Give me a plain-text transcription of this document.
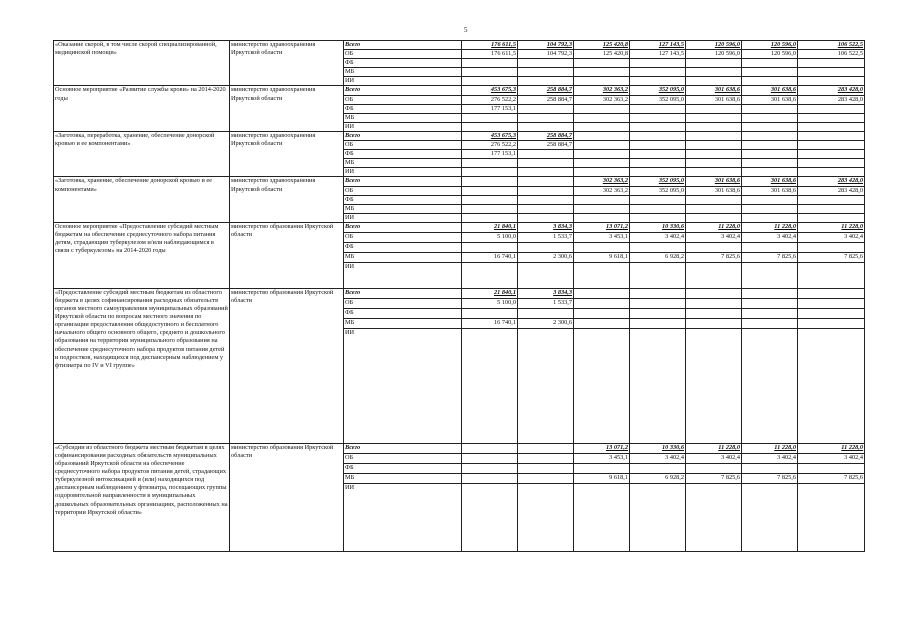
5
«Оказание скорой, в том числе скорой специализированной, медицинской помощи»	министерство здравоохранения Иркутской области	Всего	176 611,5	104 792,3	125 420,8	127 143,5	120 596,0	120 596,0	106 522,5
		ОБ	176 611,5	104 792,3	125 420,8	127 143,5	120 596,0	120 596,0	106 522,5
		ФБ							
		МБ							
		ИИ							
Основное мероприятие «Развитие службы крови» на 2014-2020 годы	министерство здравоохранения Иркутской области	Всего	453 675,3	258 884,7	302 363,2	352 095,0	301 638,6	301 638,6	283 428,0
		ОБ	276 522,2	258 884,7	302 363,2	352 095,0	301 638,6	301 638,6	283 428,0
		ФБ	177 153,1						
		МБ							
		ИИ							
«Заготовка, переработка, хранение, обеспечение донорской кровью и ее компонентами»	министерство здравоохранения Иркутской области	Всего	453 675,3	258 884,7					
		ОБ	276 522,2	258 884,7					
		ФБ	177 153,1						
		МБ							
		ИИ							
«Заготовка, хранение, обеспечение донорской кровью и ее компонентами»	министерство здравоохранения Иркутской области	Всего			302 363,2	352 095,0	301 638,6	301 638,6	283 428,0
		ОБ			302 363,2	352 095,0	301 638,6	301 638,6	283 428,0
		ФБ							
		МБ							
		ИИ							
Основное мероприятие «Предоставление субсидий местным бюджетам на обеспечение среднесуточного набора питания детям, страдающим туберкулезом и/или наблюдающимся в связи с туберкулезом» на 2014-2020 годы	министерство образования Иркутской области	Всего	21 840,1	3 834,3	13 071,2	10 330,6	11 228,0	11 228,0	11 228,0
		ОБ	5 100,0	1 533,7	3 453,1	3 402,4	3 402,4	3 402,4	3 402,4
		ФБ							
		МБ	16 740,1	2 300,6	9 618,1	6 928,2	7 825,6	7 825,6	7 825,6
		ИИ							
«Предоставление субсидий местным бюджетам из областного бюджета в целях софинансирования расходных обязательств органов местного самоуправления муниципальных образований Иркутской области по вопросам местного значения по организации предоставления общедоступного и бесплатного начального общего основного общего, среднего и дошкольного образования на территории муниципального образования на обеспечение среднесуточного набора продуктов питания детей и подростков, находящихся под диспансерным наблюдением у фтизиатра по IV и VI группе»	министерство образования Иркутской области	Всего	21 840,1	3 834,3					
		ОБ	5 100,0	1 533,7					
		ФБ							
		МБ	16 740,1	2 300,6					
		ИИ							
«Субсидии из областного бюджета местным бюджетам в целях софинансирования расходных обязательств муниципальных образований Иркутской области на обеспечение среднесуточного набора продуктов питания детей, страдающих туберкулезной интоксикацией и (или) находящихся под диспансерным наблюдением у фтизиатра, посещающих группы оздоровительной направленности в муниципальных дошкольных образовательных организациях, расположенных на территории Иркутской области»	министерство образования Иркутской области	Всего			13 071,2	10 330,6	11 228,0	11 228,0	11 228,0
		ОБ			3 453,1	3 402,4	3 402,4	3 402,4	3 402,4
		ФБ							
		МБ			9 618,1	6 928,2	7 825,6	7 825,6	7 825,6
		ИИ							
